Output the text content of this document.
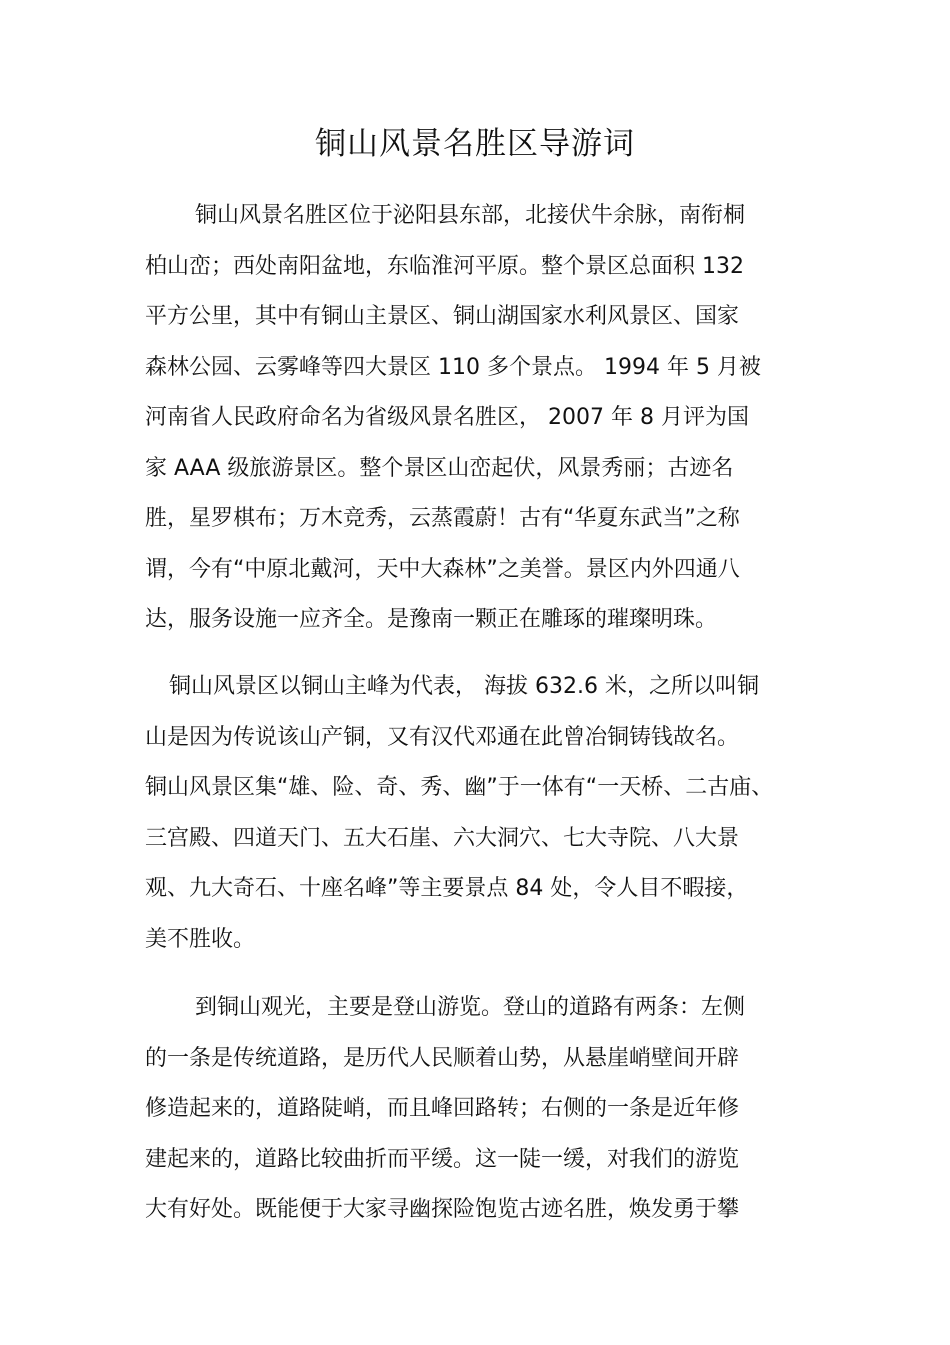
铜山风景名胜区导游词
铜山风景名胜区位于泌阳县东部，北接伏牛余脉，南衔桐
柏山峦；西处南阳盆地，东临淮河平原。整个景区总面积 132
平方公里，其中有铜山主景区、铜山湖国家水利风景区、国家
森林公园、云雾峰等四大景区 110 多个景点。 1994 年 5 月被
河南省人民政府命名为省级风景名胜区， 2007 年 8 月评为国
家 AAA 级旅游景区。整个景区山峦起伏，风景秀丽；古迹名
胜，星罗棋布；万木竞秀，云蒸霞蔚！古有“华夏东武当”之称
谓，今有“中原北戴河，天中大森林”之美誉。景区内外四通八
达，服务设施一应齐全。是豫南一颗正在雕琢的璀璨明珠。
铜山风景区以铜山主峰为代表， 海拔 632.6 米，之所以叫铜
山是因为传说该山产铜，又有汉代邓通在此曾冶铜铸钱故名。
铜山风景区集“雄、险、奇、秀、幽”于一体有“一天桥、二古庙、
三宫殿、四道天门、五大石崖、六大洞穴、七大寺院、八大景
观、九大奇石、十座名峰”等主要景点 84 处，令人目不暇接，
美不胜收。
到铜山观光，主要是登山游览。登山的道路有两条：左侧
的一条是传统道路，是历代人民顺着山势，从悬崖峭壁间开辟
修造起来的，道路陡峭，而且峰回路转；右侧的一条是近年修
建起来的，道路比较曲折而平缓。这一陡一缓，对我们的游览
大有好处。既能便于大家寻幽探险饱览古迹名胜，焕发勇于攀
